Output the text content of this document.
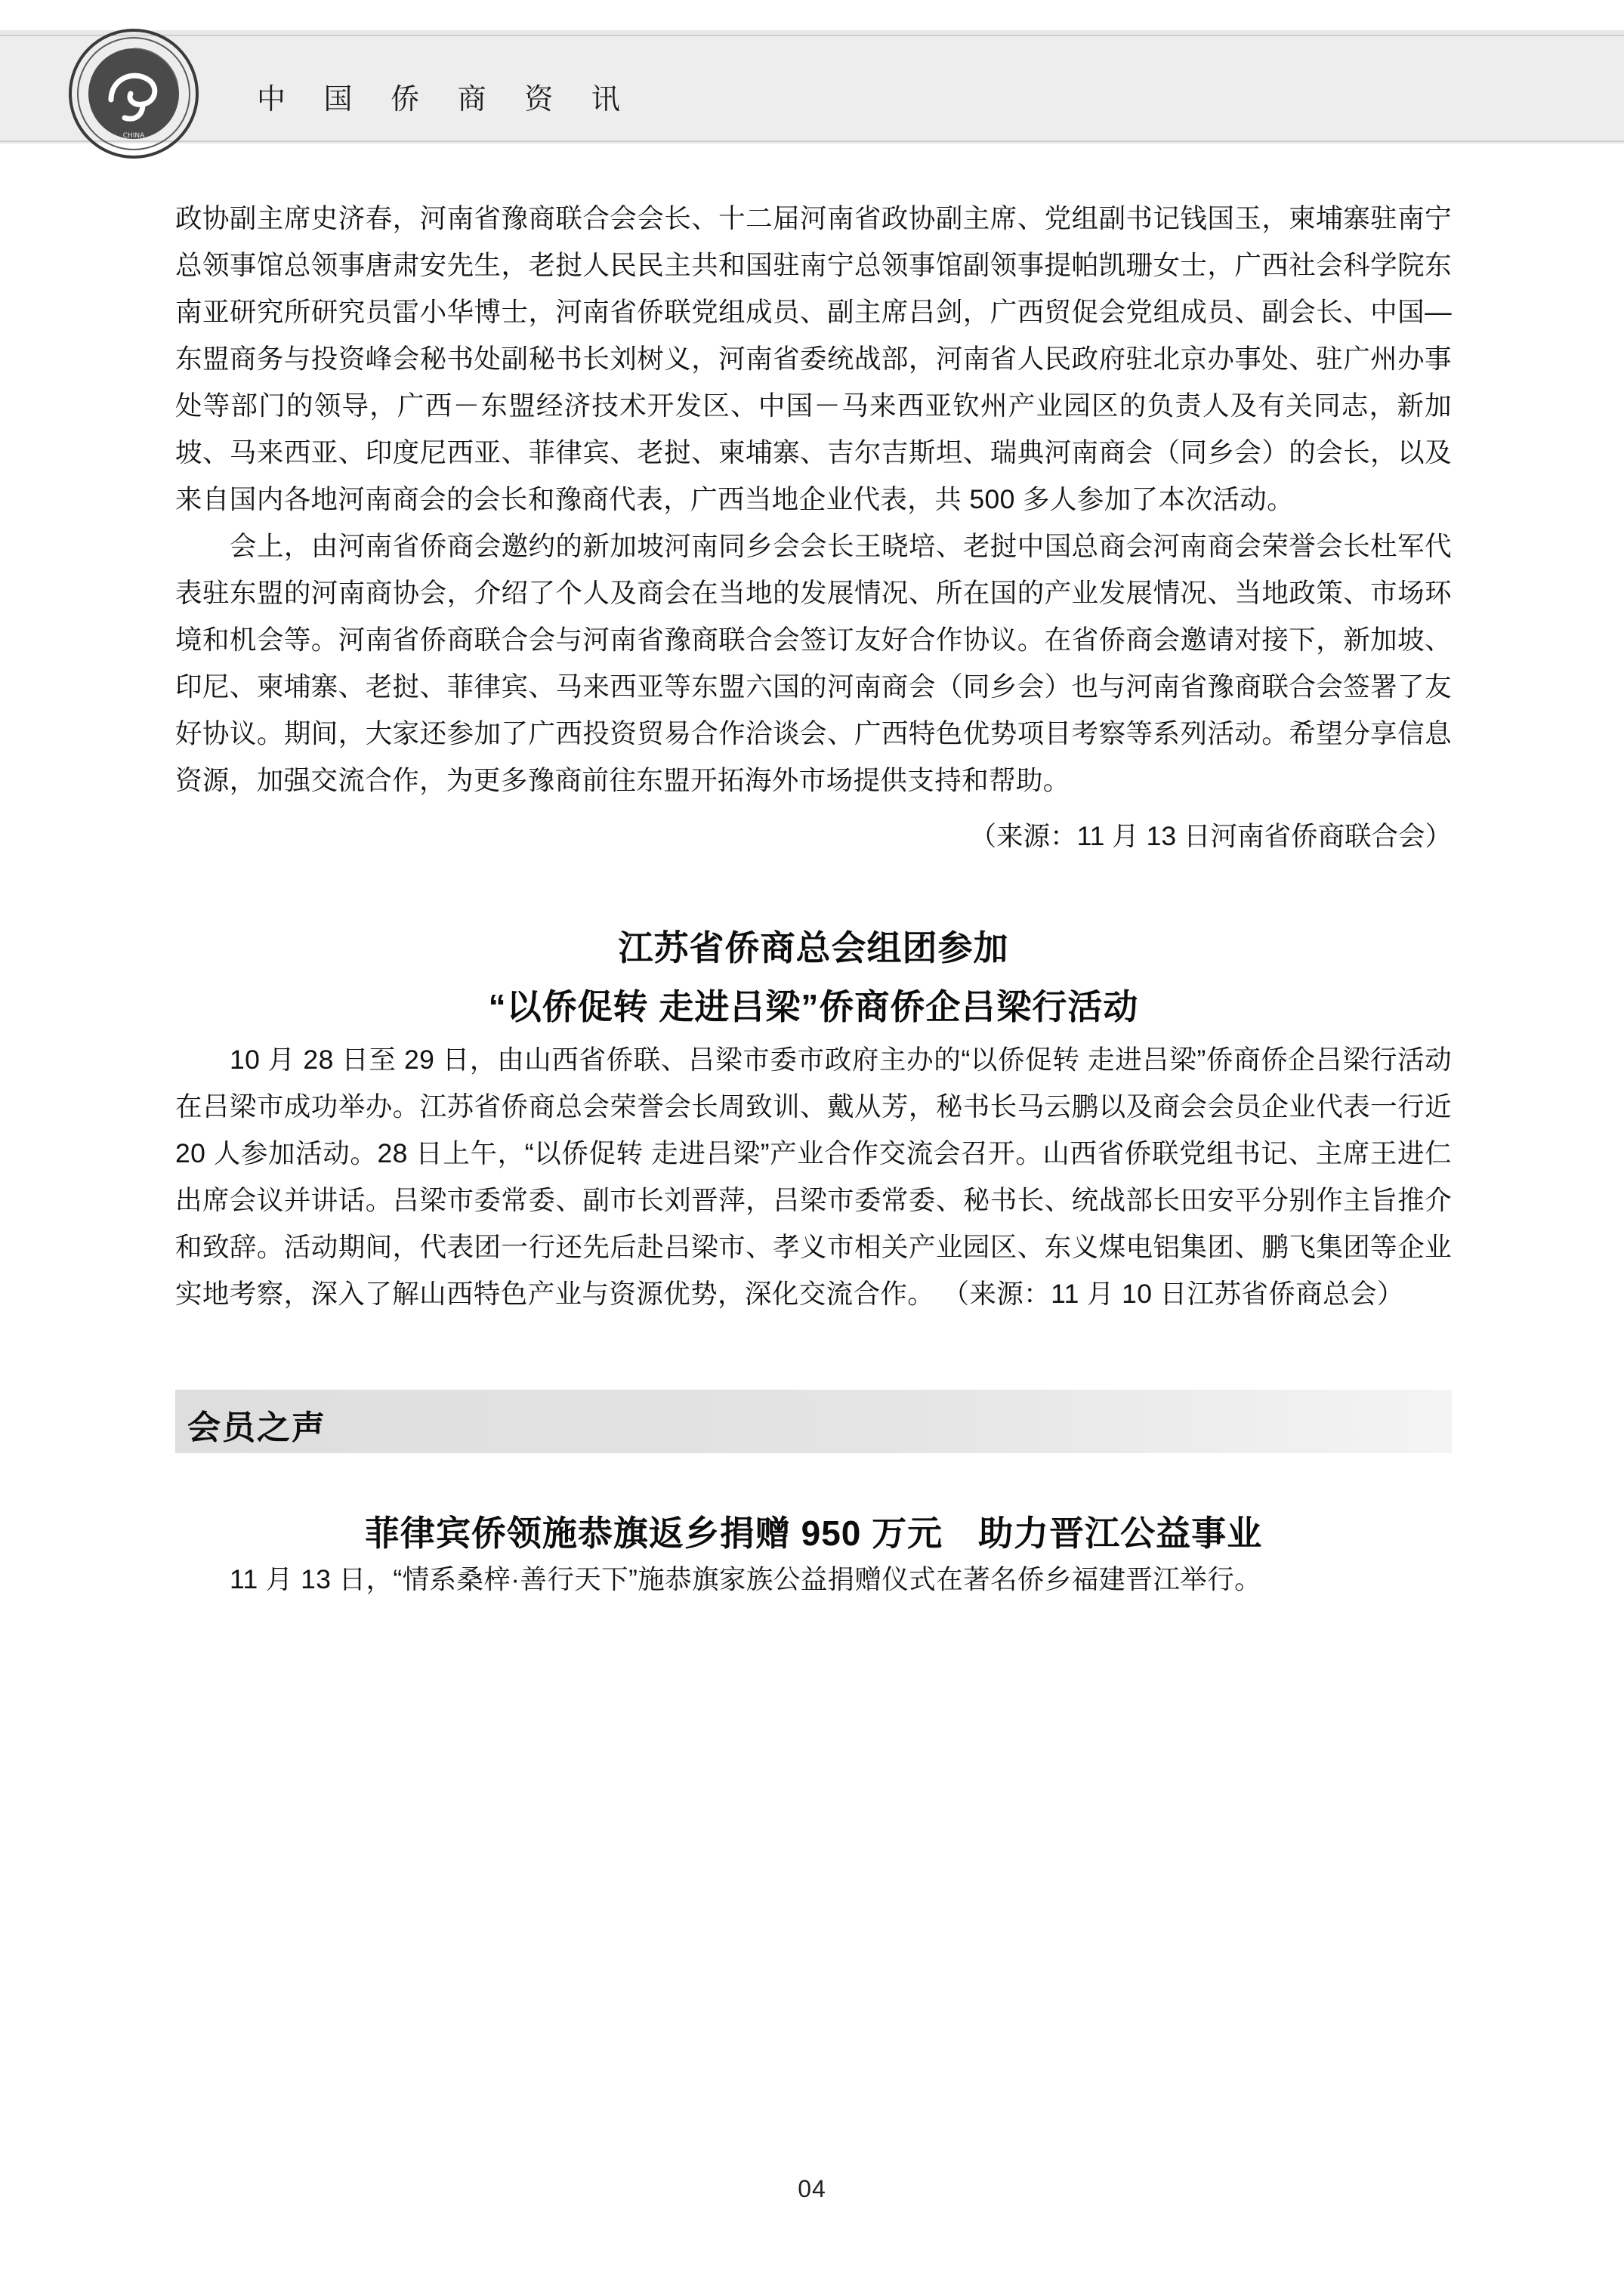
CHINA
中 国 侨 商 资 讯

政协副主席史济春，河南省豫商联合会会长、十二届河南省政协副主席、党组副书记钱国玉，柬埔寨驻南宁总领事馆总领事唐肃安先生，老挝人民民主共和国驻南宁总领事馆副领事提帕凯珊女士，广西社会科学院东南亚研究所研究员雷小华博士，河南省侨联党组成员、副主席吕剑，广西贸促会党组成员、副会长、中国—东盟商务与投资峰会秘书处副秘书长刘树义，河南省委统战部，河南省人民政府驻北京办事处、驻广州办事处等部门的领导，广西－东盟经济技术开发区、中国－马来西亚钦州产业园区的负责人及有关同志，新加坡、马来西亚、印度尼西亚、菲律宾、老挝、柬埔寨、吉尔吉斯坦、瑞典河南商会（同乡会）的会长，以及来自国内各地河南商会的会长和豫商代表，广西当地企业代表，共 500 多人参加了本次活动。

会上，由河南省侨商会邀约的新加坡河南同乡会会长王晓培、老挝中国总商会河南商会荣誉会长杜军代表驻东盟的河南商协会，介绍了个人及商会在当地的发展情况、所在国的产业发展情况、当地政策、市场环境和机会等。河南省侨商联合会与河南省豫商联合会签订友好合作协议。在省侨商会邀请对接下，新加坡、印尼、柬埔寨、老挝、菲律宾、马来西亚等东盟六国的河南商会（同乡会）也与河南省豫商联合会签署了友好协议。期间，大家还参加了广西投资贸易合作洽谈会、广西特色优势项目考察等系列活动。希望分享信息资源，加强交流合作，为更多豫商前往东盟开拓海外市场提供支持和帮助。

（来源：11 月 13 日河南省侨商联合会）
江苏省侨商总会组团参加
“以侨促转 走进吕梁”侨商侨企吕梁行活动

10 月 28 日至 29 日，由山西省侨联、吕梁市委市政府主办的“以侨促转 走进吕梁”侨商侨企吕梁行活动在吕梁市成功举办。江苏省侨商总会荣誉会长周致训、戴从芳，秘书长马云鹏以及商会会员企业代表一行近 20 人参加活动。28 日上午，“以侨促转 走进吕梁”产业合作交流会召开。山西省侨联党组书记、主席王进仁出席会议并讲话。吕梁市委常委、副市长刘晋萍，吕梁市委常委、秘书长、统战部长田安平分别作主旨推介和致辞。活动期间，代表团一行还先后赴吕梁市、孝义市相关产业园区、东义煤电铝集团、鹏飞集团等企业实地考察，深入了解山西特色产业与资源优势，深化交流合作。 （来源：11 月 10 日江苏省侨商总会）

会员之声
菲律宾侨领施恭旗返乡捐赠 950 万元　助力晋江公益事业

11 月 13 日，“情系桑梓·善行天下”施恭旗家族公益捐赠仪式在著名侨乡福建晋江举行。

04
